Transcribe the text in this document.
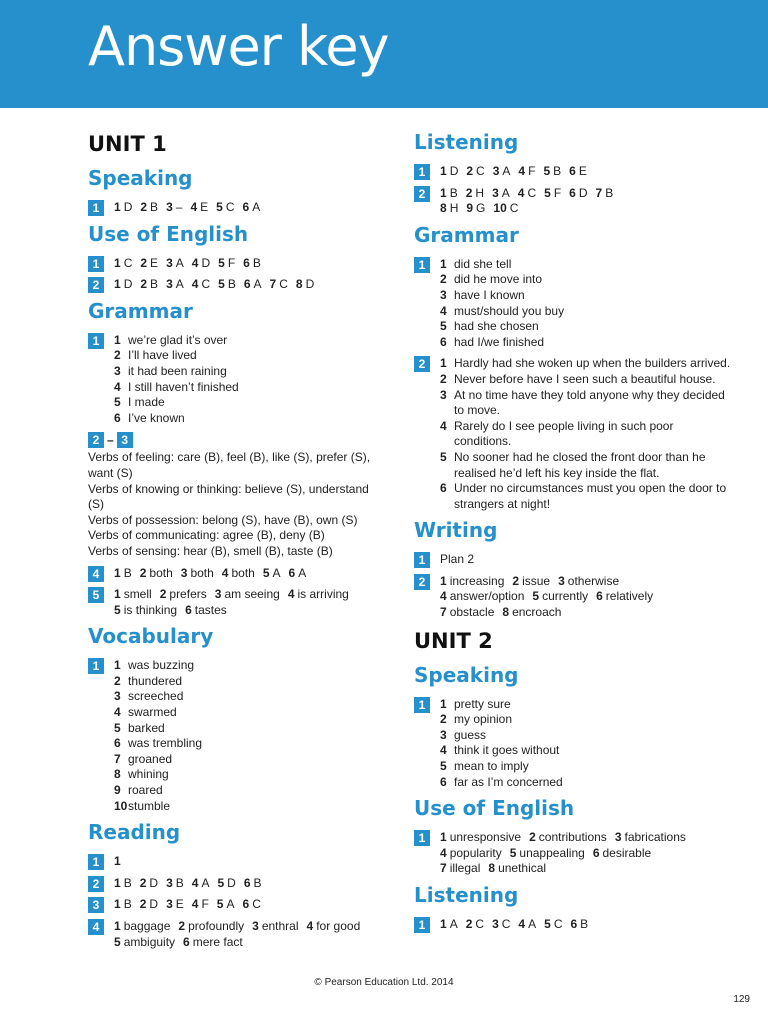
Answer key
UNIT 1
Speaking
1	1 D 2 B 3 – 4 E 5 C 6 A
Use of English
1	1 C 2 E 3 A 4 D 5 F 6 B
2	1 D 2 B 3 A 4 C 5 B 6 A 7 C 8 D
Grammar
1	1 we’re glad it’s over
2 I’ll have lived
3 it had been raining
4 I still haven’t finished
5 I made
6 I’ve known
2 – 3
Verbs of feeling: care (B), feel (B), like (S), prefer (S), want (S)
Verbs of knowing or thinking: believe (S), understand (S)
Verbs of possession: belong (S), have (B), own (S)
Verbs of communicating: agree (B), deny (B)
Verbs of sensing: hear (B), smell (B), taste (B)
4	1 B 2 both 3 both 4 both 5 A 6 A
5	1 smell 2 prefers 3 am seeing 4 is arriving
5 is thinking 6 tastes
Vocabulary
1	1 was buzzing
2 thundered
3 screeched
4 swarmed
5 barked
6 was trembling
7 groaned
8 whining
9 roared
10 stumble
Reading
1	1
2	1 B 2 D 3 B 4 A 5 D 6 B
3	1 B 2 D 3 E 4 F 5 A 6 C
4	1 baggage 2 profoundly 3 enthral 4 for good
5 ambiguity 6 mere fact
Listening
1	1 D 2 C 3 A 4 F 5 B 6 E
2	1 B 2 H 3 A 4 C 5 F 6 D 7 B
8 H 9 G 10 C
Grammar
1	1 did she tell
2 did he move into
3 have I known
4 must/should you buy
5 had she chosen
6 had I/we finished
2	1 Hardly had she woken up when the builders arrived.
2 Never before have I seen such a beautiful house.
3 At no time have they told anyone why they decided to move.
4 Rarely do I see people living in such poor conditions.
5 No sooner had he closed the front door than he realised he’d left his key inside the flat.
6 Under no circumstances must you open the door to strangers at night!
Writing
1	Plan 2
2	1 increasing 2 issue 3 otherwise
4 answer/option 5 currently 6 relatively
7 obstacle 8 encroach
UNIT 2
Speaking
1	1 pretty sure
2 my opinion
3 guess
4 think it goes without
5 mean to imply
6 far as I’m concerned
Use of English
1	1 unresponsive 2 contributions 3 fabrications
4 popularity 5 unappealing 6 desirable
7 illegal 8 unethical
Listening
1	1 A 2 C 3 C 4 A 5 C 6 B
© Pearson Education Ltd. 2014
129
